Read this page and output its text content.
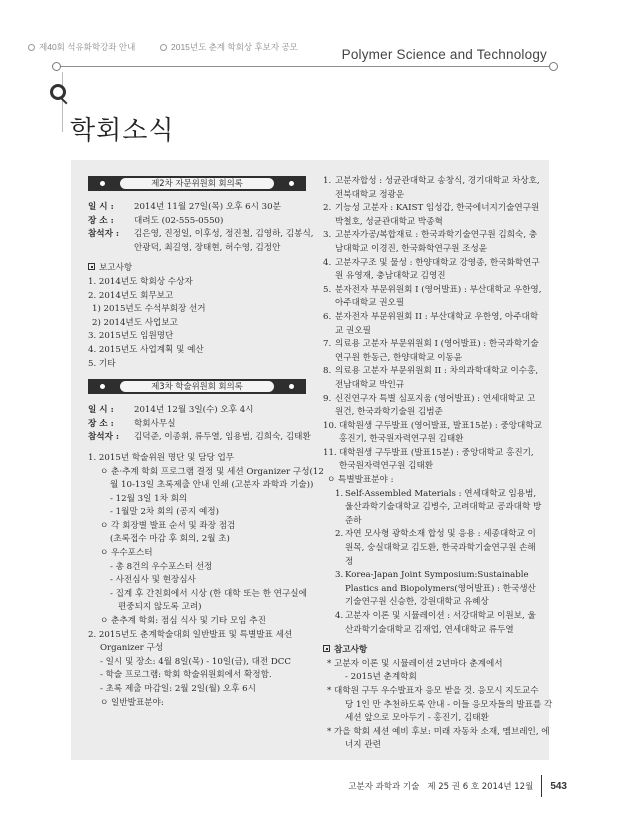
제40회 석유화학강좌 안내	2015년도 춘계 학회상 후보자 공모	Polymer Science and Technology
학회소식
제2차 자문위원회 회의록
일 시 : 2014년 11월 27일(목) 오후 6시 30분
장 소 : 대려도 (02-555-0550)
참석자 : 김은영, 진정일, 이후성, 정진철, 김영하, 김봉식,
안광덕, 최길영, 장태현, 허수영, 김정안
보고사항
1. 2014년도 학회상 수상자
2. 2014년도 회무보고
1) 2015년도 수석부회장 선거
2) 2014년도 사업보고
3. 2015년도 임원명단
4. 2015년도 사업계획 및 예산
5. 기타
제3차 학술위원회 회의록
일 시 : 2014년 12월 3일(수) 오후 4시
장 소 : 학회사무실
참석자 : 김덕준, 이종휘, 류두열, 임용범, 김희숙, 김태환
1. 2015년 학술위원 명단 및 담당 업무
ㅇ 춘·추계 학회 프로그램 결정 및 세션 Organizer 구성(12
월 10-13일 초록제출 안내 인쇄 (고분자 과학과 기술))
- 12월 3일 1차 회의
- 1월말 2차 회의 (공지 예정)
ㅇ 각 회장별 발표 순서 및 좌장 점검
(초록접수 마감 후 회의, 2월 초)
ㅇ 우수포스터
- 총 8건의 우수포스터 선정
- 사전심사 및 현장심사
- 집계 후 간친회에서 시상 (한 대학 또는 한 연구실에
편중되지 않도록 고려)
ㅇ 춘추계 학회: 점심 식사 및 기타 모임 추진
2. 2015년도 춘계학술대회 일반발표 및 특별발표 세션
Organizer 구성
- 일시 및 장소: 4월 8일(목) - 10일(금), 대전 DCC
- 학술 프로그램: 학회 학술위원회에서 확정함.
- 초록 제출 마감일: 2월 2일(월) 오후 6시
ㅇ 일반발표분야:
1. 고분자합성 : 성균관대학교 송창식, 경기대학교 차상호, 전북대학교 정광운
2. 기능성 고분자 : KAIST 임성갑, 한국에너지기술연구원 박철호, 성균관대학교 박종혁
3. 고분자가공/복합재료 : 한국과학기술연구원 김희숙, 충남대학교 이경진, 한국화학연구원 조성윤
4. 고분자구조 및 물성 : 한양대학교 강영종, 한국화학연구원 유영재, 충남대학교 김영진
5. 분자전자 부문위원회 I (영어발표) : 부산대학교 우한영, 아주대학교 권오필
6. 분자전자 부문위원회 II : 부산대학교 우한영, 아주대학교 권오필
7. 의료용 고분자 부문위원회 I (영어발표) : 한국과학기술연구원 한동근, 한양대학교 이동윤
8. 의료용 고분자 부문위원회 II : 차의과학대학교 이수홍, 전남대학교 박인규
9. 신진연구자 특별 심포지움 (영어발표) : 연세대학교 고원건, 한국과학기술원 김범준
10. 대학원생 구두발표 (영어발표, 발표15분) : 중앙대학교 홍진기, 한국원자력연구원 김태환
11. 대학원생 구두발표 (발표15분) : 중앙대학교 홍진기, 한국원자력연구원 김태환
ㅇ 특별발표분야 :
1. Self-Assembled Materials : 연세대학교 임용범, 울산과학기술대학교 김병수, 고려대학교 공과대학 방준하
2. 자연 모사형 광학소재 합성 및 응용 : 세종대학교 이원목, 숭실대학교 김도환, 한국과학기술연구원 손해정
3. Korea-Japan Joint Symposium:Sustainable Plastics and Biopolymers(영어발표) : 한국생산기술연구원 신승한, 강원대학교 유혜상
4. 고분자 이론 및 시뮬레이션 : 서강대학교 이원보, 울산과학기술대학교 김재업, 연세대학교 류두열
참고사항
* 고분자 이론 및 시뮬레이션 2년마다 춘계에서
- 2015년 춘계학회
* 대학원 구두 우수발표자 응모 받을 것. 응모시 지도교수
당 1인 만 추천하도록 안내 - 이들 응모자들의 발표를 각
세션 앞으로 모아두기 - 홍진기, 김태환
* 가을 학회 세션 예비 후보: 미래 자동차 소재, 멤브레인, 에
너지 관련
고분자 과학과 기술 제 25 권 6 호 2014년 12월 543
